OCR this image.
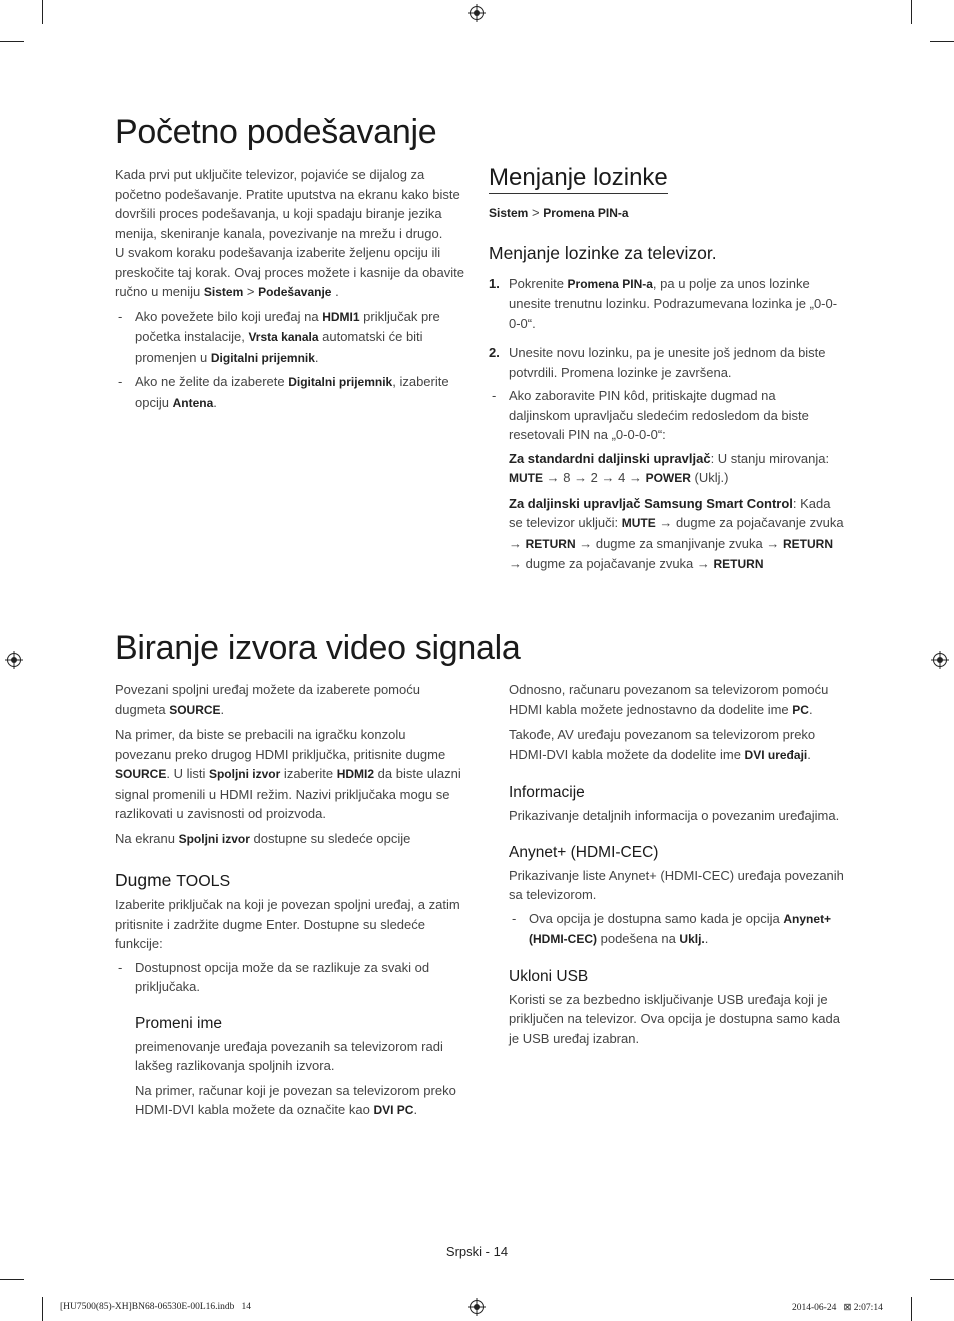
Početno podešavanje

Kada prvi put uključite televizor, pojaviće se dijalog za
početno podešavanje. Pratite uputstva na ekranu kako biste
dovršili proces podešavanja, u koji spadaju biranje jezika
menija, skeniranje kanala, povezivanje na mrežu i drugo.

U svakom koraku podešavanja izaberite željenu opciju ili
preskočite taj korak. Ovaj proces možete i kasnije da obavite
ručno u meniju Sistem > Podešavanje .

- Ako povežete bilo koji uređaj na HDMI1 priključak pre
početka instalacije, Vrsta kanala automatski će biti
promenjen u Digitalni prijemnik.

- Ako ne želite da izaberete Digitalni prijemnik, izaberite
opciju Antena.

Menjanje lozinke
Sistem > Promena PIN-a
Menjanje lozinke za televizor.

1. Pokrenite Promena PIN-a, pa u polje za unos lozinke
unesite trenutnu lozinku. Podrazumevana lozinka je „0-0-
0-0“.

2. Unesite novu lozinku, pa je unesite još jednom da biste
potvrdili. Promena lozinke je završena.

- Ako zaboravite PIN kôd, pritiskajte dugmad na
daljinskom upravljaču sledećim redosledom da biste
resetovali PIN na „0-0-0-0“:

Za standardni daljinski upravljač: U stanju mirovanja:
MUTE → 8 → 2 → 4 → POWER (Uklj.)

Za daljinski upravljač Samsung Smart Control: Kada
se televizor uključi: MUTE → dugme za pojačavanje zvuka
→ RETURN → dugme za smanjivanje zvuka → RETURN
→ dugme za pojačavanje zvuka → RETURN

Biranje izvora video signala

Povezani spoljni uređaj možete da izaberete pomoću
dugmeta SOURCE.

Na primer, da biste se prebacili na igračku konzolu
povezanu preko drugog HDMI priključka, pritisnite dugme
SOURCE. U listi Spoljni izvor izaberite HDMI2 da biste ulazni
signal promenili u HDMI režim. Nazivi priključaka mogu se
razlikovati u zavisnosti od proizvoda.

Na ekranu Spoljni izvor dostupne su sledeće opcije

Dugme TOOLS

Izaberite priključak na koji je povezan spoljni uređaj, a zatim
pritisnite i zadržite dugme Enter. Dostupne su sledeće
funkcije:

- Dostupnost opcija može da se razlikuje za svaki od
priključaka.

Promeni ime

preimenovanje uređaja povezanih sa televizorom radi
lakšeg razlikovanja spoljnih izvora.

Na primer, računar koji je povezan sa televizorom preko
HDMI-DVI kabla možete da označite kao DVI PC.

Odnosno, računaru povezanom sa televizorom pomoću
HDMI kabla možete jednostavno da dodelite ime PC.

Takođe, AV uređaju povezanom sa televizorom preko
HDMI-DVI kabla možete da dodelite ime DVI uređaji.

Informacije

Prikazivanje detaljnih informacija o povezanim uređajima.

Anynet+ (HDMI-CEC)

Prikazivanje liste Anynet+ (HDMI-CEC) uređaja povezanih
sa televizorom.

- Ova opcija je dostupna samo kada je opcija Anynet+
(HDMI-CEC) podešena na Uklj..

Ukloni USB

Koristi se za bezbedno isključivanje USB uređaja koji je
priključen na televizor. Ova opcija je dostupna samo kada
je USB uređaj izabran.

Srpski - 14
[HU7500(85)-XH]BN68-06530E-00L16.indb   14	2014-06-24   ⊠ 2:07:14
